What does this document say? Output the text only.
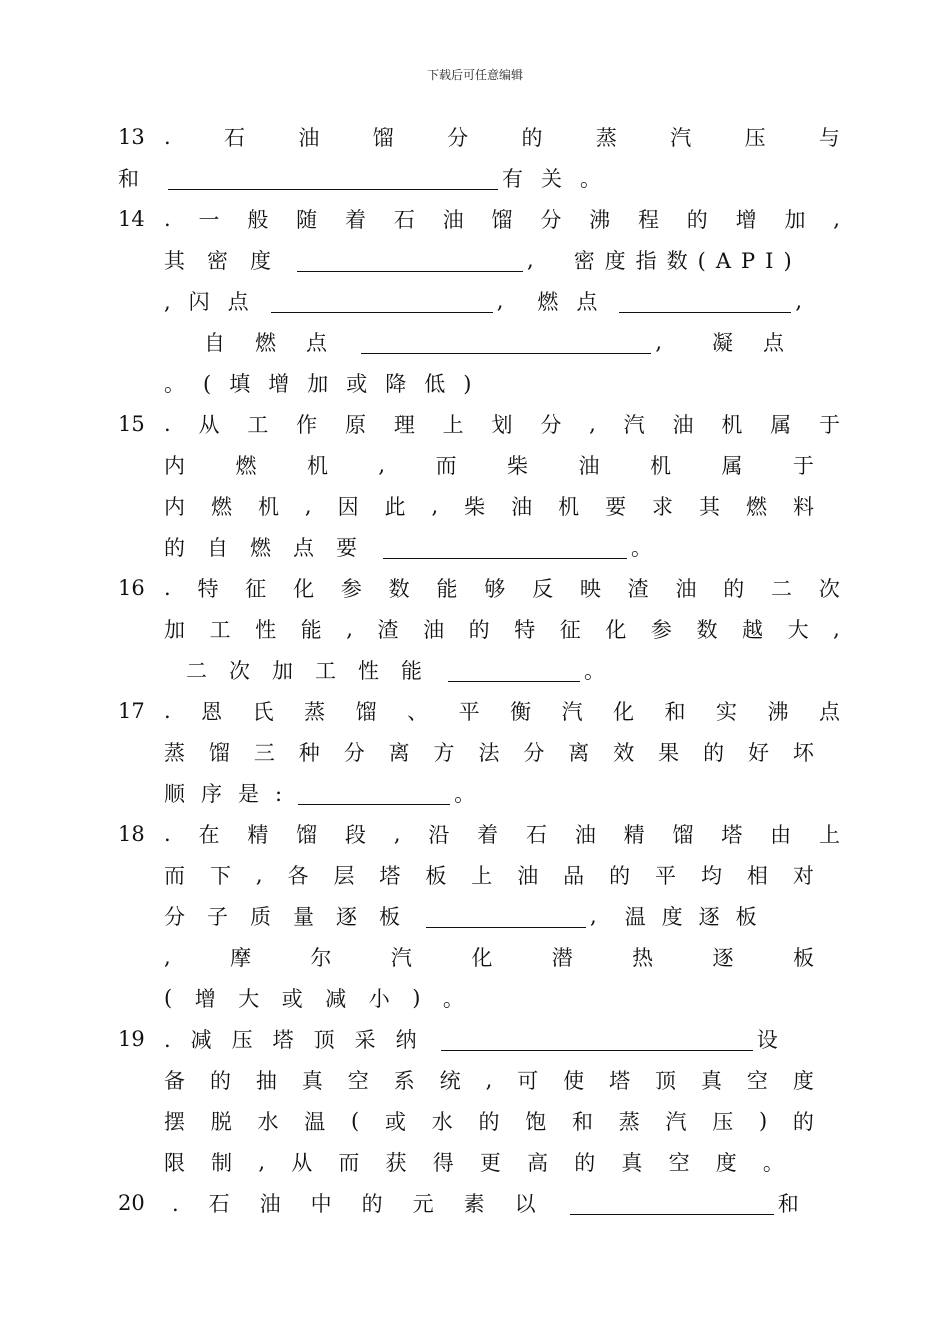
下载后可任意编辑
13 .	石	油	馏	分	的	蒸	汽	压	与
和	有关。
14 . 一 般 随 着 石 油 馏 分 沸 程 的 增 加 ,
其密度	, 密度指数(API)
,闪点	, 燃点	,
自燃点	, 凝点
。(填增加或降低)
15 . 从 工 作 原 理 上 划 分 , 汽 油 机 属 于
内 燃 机 , 而 柴 油 机 属 于
内 燃 机 , 因 此 , 柴 油 机 要 求 其 燃 料
的自燃点要	。
16 . 特 征 化 参 数 能 够 反 映 渣 油 的 二 次
加 工 性 能 , 渣 油 的 特 征 化 参 数 越 大 ,
二次加工性能	。
17 . 恩 氏 蒸 馏 、 平 衡 汽 化 和 实 沸 点
蒸 馏 三 种 分 离 方 法 分 离 效 果 的 好 坏
顺序是:	。
18 . 在 精 馏 段 , 沿 着 石 油 精 馏 塔 由 上
而 下 , 各 层 塔 板 上 油 品 的 平 均 相 对
分子质量逐板	, 温度逐板
,	摩	尔	汽	化	潜	热	逐	板
( 增 大 或 减 小 ) 。
19 .减压塔顶采纳	设
备 的 抽 真 空 系 统 , 可 使 塔 顶 真 空 度
摆 脱 水 温 ( 或 水 的 饱 和 蒸 汽 压 ) 的
限 制 , 从 而 获 得 更 高 的 真 空 度 。
20	.石油中的元素以	和
